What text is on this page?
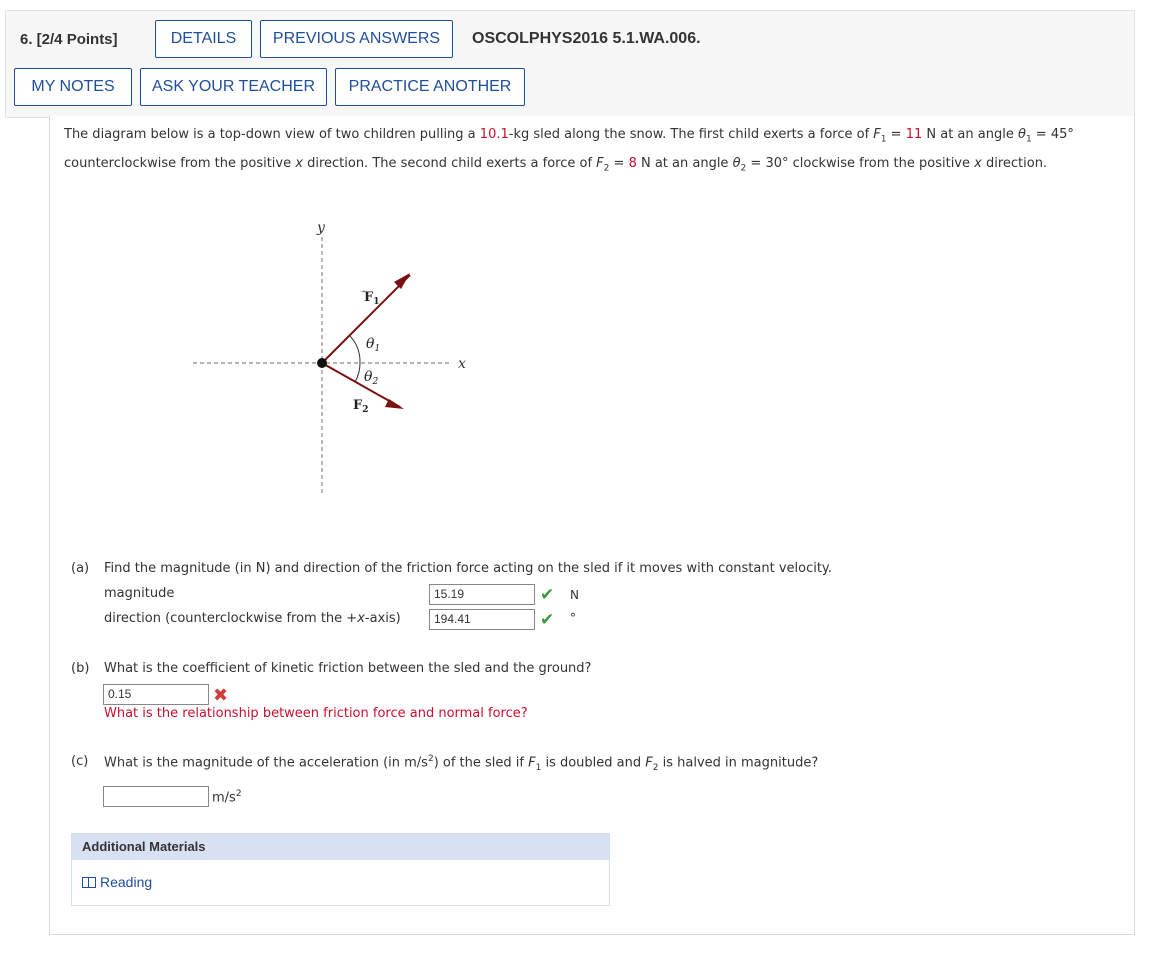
6. [2/4 Points]	DETAILS	PREVIOUS ANSWERS	OSCOLPHYS2016 5.1.WA.006.
MY NOTES	ASK YOUR TEACHER	PRACTICE ANOTHER
The diagram below is a top-down view of two children pulling a 10.1-kg sled along the snow. The first child exerts a force of $F_1 = 11$ N at an angle $\theta_1 = 45^\circ$
counterclockwise from the positive x direction. The second child exerts a force of $F_2 = 8$ N at an angle $\theta_2 = 30^\circ$ clockwise from the positive x direction.
x
y
$F_1$
$F_2$
$\theta_1$
$\theta_2$
(a) Find the magnitude (in N) and direction of the friction force acting on the sled if it moves with constant velocity.
magnitude	15.19	✔ N
direction (counterclockwise from the +x-axis)	194.41	✔ °
(b) What is the coefficient of kinetic friction between the sled and the ground?
0.15	✖
What is the relationship between friction force and normal force?
(c) What is the magnitude of the acceleration (in $m/s^2$) of the sled if $F_1$ is doubled and $F_2$ is halved in magnitude?
$m/s^2$
Additional Materials
Reading
